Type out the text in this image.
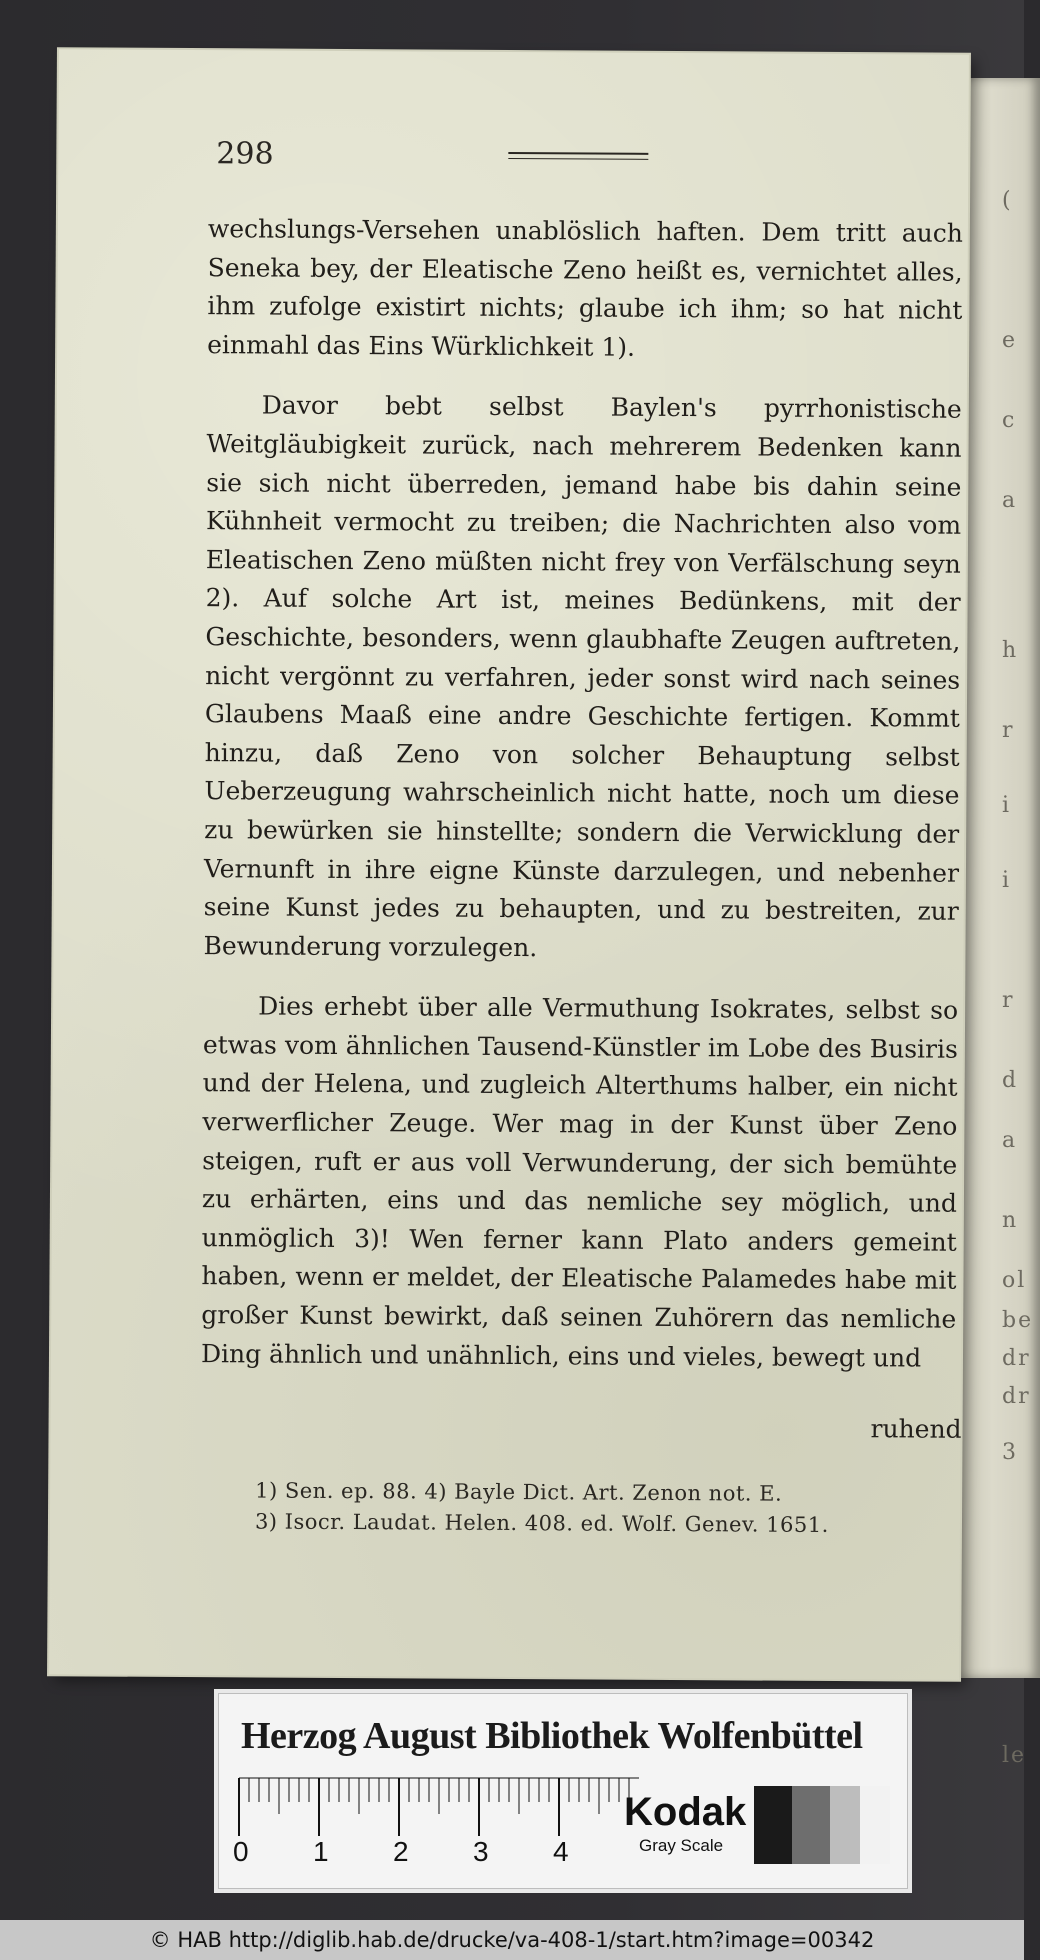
(
e
c
a
h
r
i
i
r
d
a
n
ol
be
dr
dr
3
le
298

wechslungs-Versehen unablöslich haften. Dem tritt auch Seneka bey, der Eleatische Zeno heißt es, vernichtet alles, ihm zufolge existirt nichts; glaube ich ihm; so hat nicht einmahl das Eins Würklichkeit 1).

Davor bebt selbst Baylen's pyrrhonistische Weitgläubigkeit zurück, nach mehrerem Bedenken kann sie sich nicht überreden, jemand habe bis dahin seine Kühnheit vermocht zu treiben; die Nachrichten also vom Eleatischen Zeno müßten nicht frey von Verfälschung seyn 2). Auf solche Art ist, meines Bedünkens, mit der Geschichte, besonders, wenn glaubhafte Zeugen auftreten, nicht vergönnt zu verfahren, jeder sonst wird nach seines Glaubens Maaß eine andre Geschichte fertigen. Kommt hinzu, daß Zeno von solcher Behauptung selbst Ueberzeugung wahrscheinlich nicht hatte, noch um diese zu bewürken sie hinstellte; sondern die Verwicklung der Vernunft in ihre eigne Künste darzulegen, und nebenher seine Kunst jedes zu behaupten, und zu bestreiten, zur Bewunderung vorzulegen.

Dies erhebt über alle Vermuthung Isokrates, selbst so etwas vom ähnlichen Tausend-Künstler im Lobe des Busiris und der Helena, und zugleich Alterthums halber, ein nicht verwerflicher Zeuge. Wer mag in der Kunst über Zeno steigen, ruft er aus voll Verwunderung, der sich bemühte zu erhärten, eins und das nemliche sey möglich, und unmöglich 3)! Wen ferner kann Plato anders gemeint haben, wenn er meldet, der Eleatische Palamedes habe mit großer Kunst bewirkt, daß seinen Zuhörern das nemliche Ding ähnlich und unähnlich, eins und vieles, bewegt und

ruhend
1) Sen. ep. 88. 4) Bayle Dict. Art. Zenon not. E.
3) Isocr. Laudat. Helen. 408. ed. Wolf. Genev. 1651.
Herzog August Bibliothek Wolfenbüttel
0 1 2 3 4
Kodak
Gray Scale
© HAB http://diglib.hab.de/drucke/va-408-1/start.htm?image=00342
